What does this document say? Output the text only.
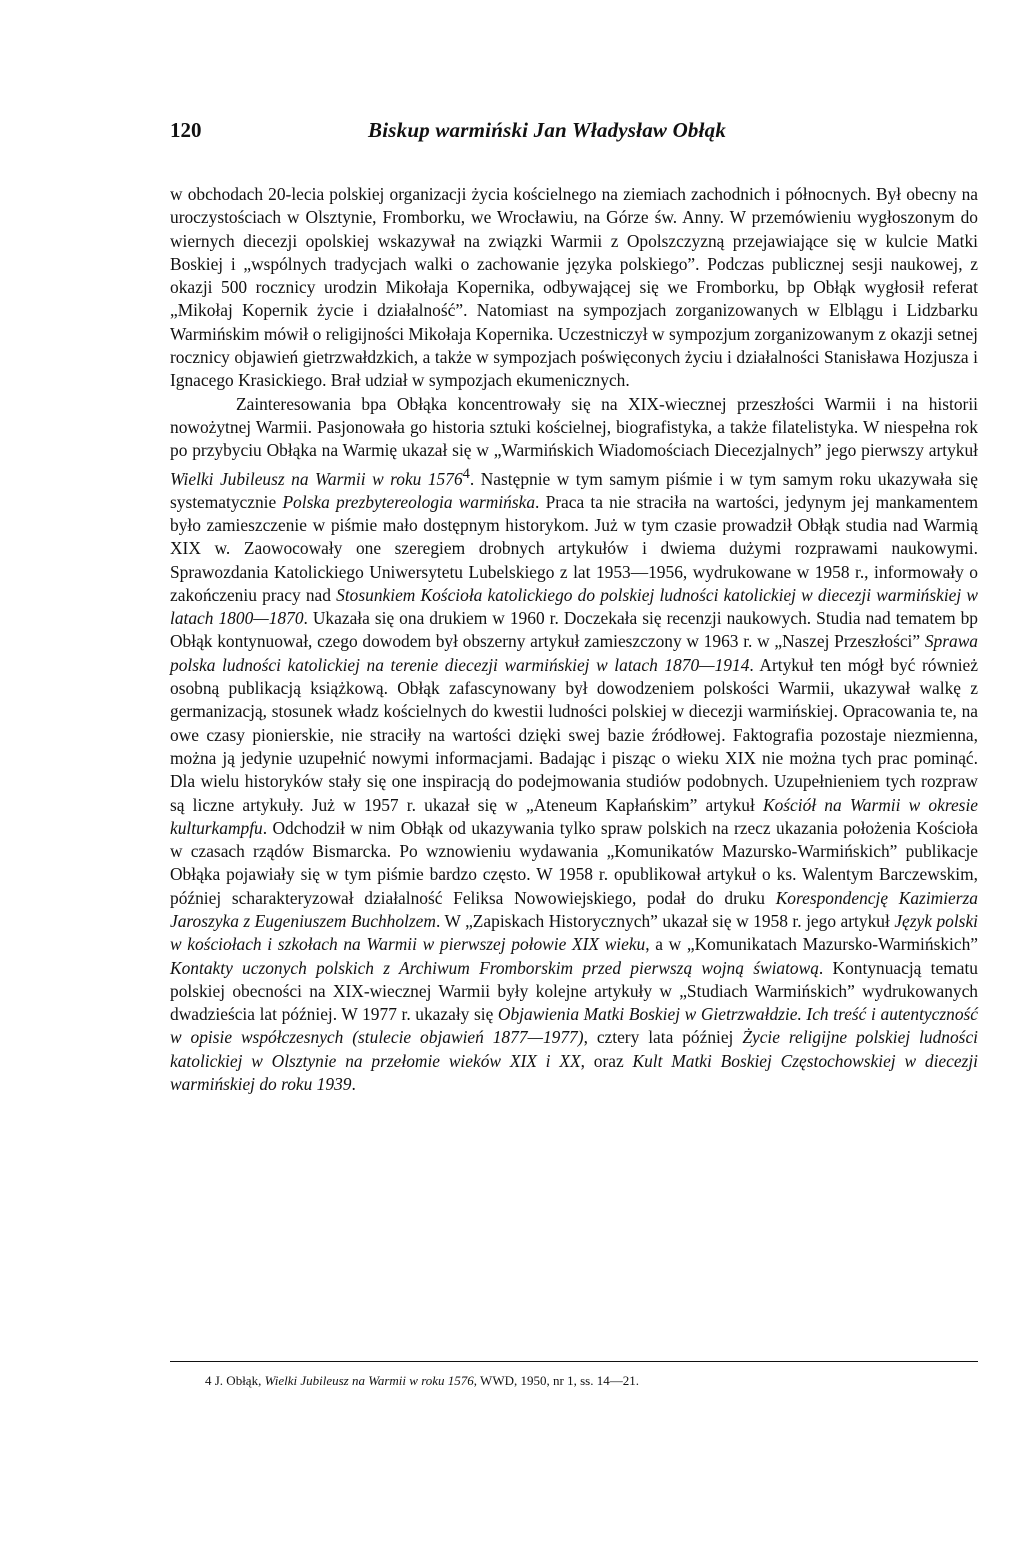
120	Biskup warmiński Jan Władysław Obłąk

w obchodach 20-lecia polskiej organizacji życia kościelnego na ziemiach zachodnich i północnych. Był obecny na uroczystościach w Olsztynie, Fromborku, we Wrocławiu, na Górze św. Anny. W przemówieniu wygłoszonym do wiernych diecezji opolskiej wskazywał na związki Warmii z Opolszczyzną przejawiające się w kulcie Matki Boskiej i „wspólnych tradycjach walki o zachowanie języka polskiego”. Podczas publicznej sesji naukowej, z okazji 500 rocznicy urodzin Mikołaja Kopernika, odbywającej się we Fromborku, bp Obłąk wygłosił referat „Mikołaj Kopernik życie i działalność”. Natomiast na sympozjach zorganizowanych w Elblągu i Lidzbarku Warmińskim mówił o religijności Mikołaja Kopernika. Uczestniczył w sympozjum zorganizowanym z okazji setnej rocznicy objawień gietrzwałdzkich, a także w sympozjach poświęconych życiu i działalności Stanisława Hozjusza i Ignacego Krasickiego. Brał udział w sympozjach ekumenicznych.

Zainteresowania bpa Obłąka koncentrowały się na XIX-wiecznej przeszłości Warmii i na historii nowożytnej Warmii. Pasjonowała go historia sztuki kościelnej, biografistyka, a także filatelistyka. W niespełna rok po przybyciu Obłąka na Warmię ukazał się w „Warmińskich Wiadomościach Diecezjalnych” jego pierwszy artykuł Wielki Jubileusz na Warmii w roku 1576$^4$. Następnie w tym samym piśmie i w tym samym roku ukazywała się systematycznie Polska prezbytereologia warmińska. Praca ta nie straciła na wartości, jedynym jej mankamentem było zamieszczenie w piśmie mało dostępnym historykom. Już w tym czasie prowadził Obłąk studia nad Warmią XIX w. Zaowocowały one szeregiem drobnych artykułów i dwiema dużymi rozprawami naukowymi. Sprawozdania Katolickiego Uniwersytetu Lubelskiego z lat 1953—1956, wydrukowane w 1958 r., informowały o zakończeniu pracy nad Stosunkiem Kościoła katolickiego do polskiej ludności katolickiej w diecezji warmińskiej w latach 1800—1870. Ukazała się ona drukiem w 1960 r. Doczekała się recenzji naukowych. Studia nad tematem bp Obłąk kontynuował, czego dowodem był obszerny artykuł zamieszczony w 1963 r. w „Naszej Przeszłości” Sprawa polska ludności katolickiej na terenie diecezji warmińskiej w latach 1870—1914. Artykuł ten mógł być również osobną publikacją książkową. Obłąk zafascynowany był dowodzeniem polskości Warmii, ukazywał walkę z germanizacją, stosunek władz kościelnych do kwestii ludności polskiej w diecezji warmińskiej. Opracowania te, na owe czasy pionierskie, nie straciły na wartości dzięki swej bazie źródłowej. Faktografia pozostaje niezmienna, można ją jedynie uzupełnić nowymi informacjami. Badając i pisząc o wieku XIX nie można tych prac pominąć. Dla wielu historyków stały się one inspiracją do podejmowania studiów podobnych. Uzupełnieniem tych rozpraw są liczne artykuły. Już w 1957 r. ukazał się w „Ateneum Kapłańskim” artykuł Kościół na Warmii w okresie kulturkampfu. Odchodził w nim Obłąk od ukazywania tylko spraw polskich na rzecz ukazania położenia Kościoła w czasach rządów Bismarcka. Po wznowieniu wydawania „Komunikatów Mazursko-Warmińskich” publikacje Obłąka pojawiały się w tym piśmie bardzo często. W 1958 r. opublikował artykuł o ks. Walentym Barczewskim, później scharakteryzował działalność Feliksa Nowowiejskiego, podał do druku Korespondencję Kazimierza Jaroszyka z Eugeniuszem Buchholzem. W „Zapiskach Historycznych” ukazał się w 1958 r. jego artykuł Język polski w kościołach i szkołach na Warmii w pierwszej połowie XIX wieku, a w „Komunikatach Mazursko-Warmińskich” Kontakty uczonych polskich z Archiwum Fromborskim przed pierwszą wojną światową. Kontynuacją tematu polskiej obecności na XIX-wiecznej Warmii były kolejne artykuły w „Studiach Warmińskich” wydrukowanych dwadzieścia lat później. W 1977 r. ukazały się Objawienia Matki Boskiej w Gietrzwałdzie. Ich treść i autentyczność w opisie współczesnych (stulecie objawień 1877—1977), cztery lata później Życie religijne polskiej ludności katolickiej w Olsztynie na przełomie wieków XIX i XX, oraz Kult Matki Boskiej Częstochowskiej w diecezji warmińskiej do roku 1939.

4 J. Obłąk, Wielki Jubileusz na Warmii w roku 1576, WWD, 1950, nr 1, ss. 14—21.
